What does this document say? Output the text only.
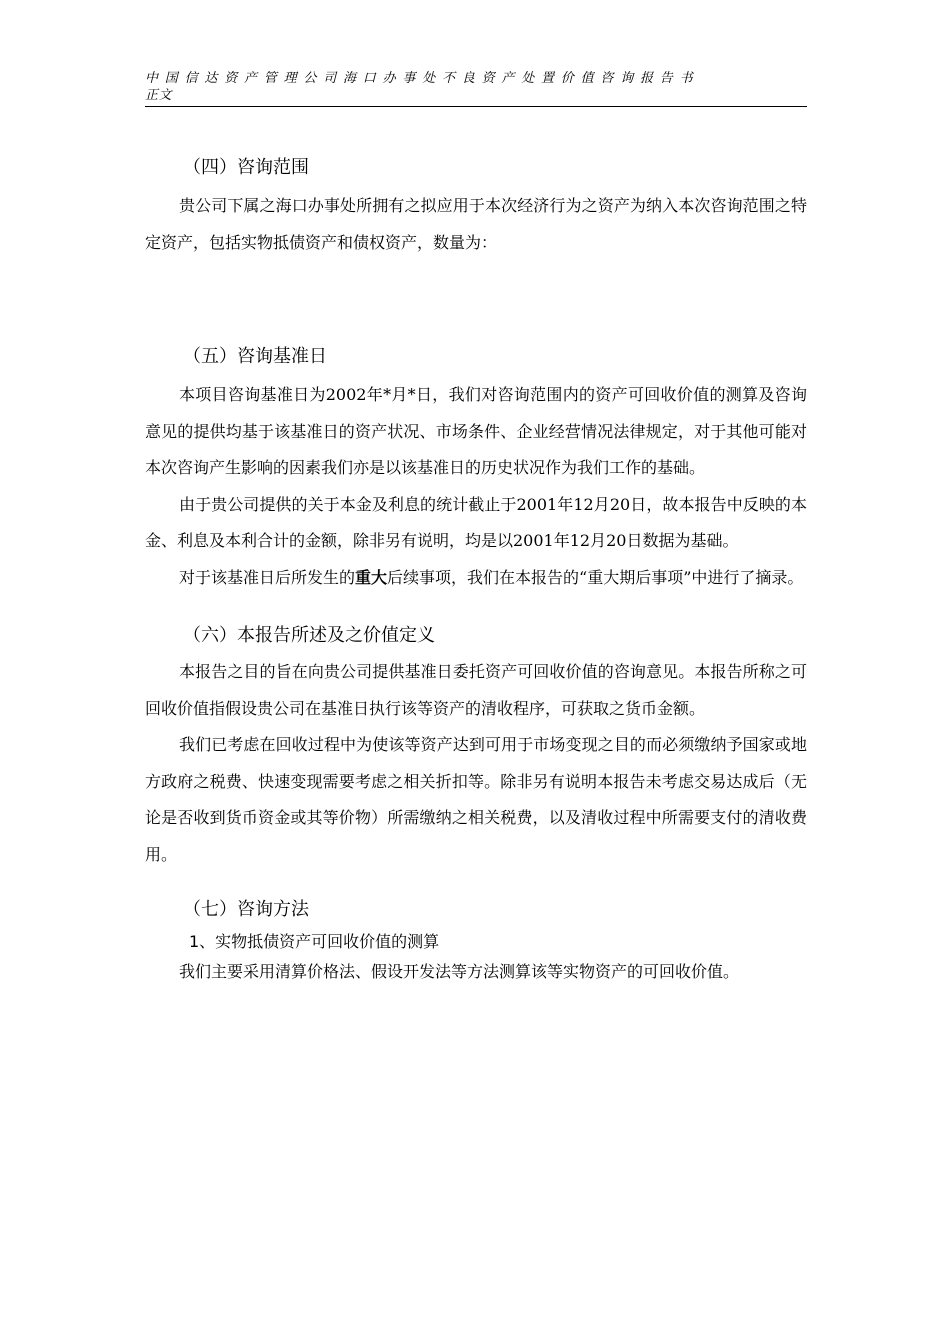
中国信达资产管理公司海口办事处不良资产处置价值咨询报告书
正文
（四）咨询范围

贵公司下属之海口办事处所拥有之拟应用于本次经济行为之资产为纳入本次咨询范围之特定资产，包括实物抵债资产和债权资产，数量为：

（五）咨询基准日

本项目咨询基准日为2002年*月*日，我们对咨询范围内的资产可回收价值的测算及咨询意见的提供均基于该基准日的资产状况、市场条件、企业经营情况法律规定，对于其他可能对本次咨询产生影响的因素我们亦是以该基准日的历史状况作为我们工作的基础。

由于贵公司提供的关于本金及利息的统计截止于2001年12月20日，故本报告中反映的本金、利息及本利合计的金额，除非另有说明，均是以2001年12月20日数据为基础。

对于该基准日后所发生的重大后续事项，我们在本报告的“重大期后事项”中进行了摘录。

（六）本报告所述及之价值定义

本报告之目的旨在向贵公司提供基准日委托资产可回收价值的咨询意见。本报告所称之可回收价值指假设贵公司在基准日执行该等资产的清收程序，可获取之货币金额。

我们已考虑在回收过程中为使该等资产达到可用于市场变现之目的而必须缴纳予国家或地方政府之税费、快速变现需要考虑之相关折扣等。除非另有说明本报告未考虑交易达成后（无论是否收到货币资金或其等价物）所需缴纳之相关税费，以及清收过程中所需要支付的清收费用。

（七）咨询方法
1、实物抵债资产可回收价值的测算

我们主要采用清算价格法、假设开发法等方法测算该等实物资产的可回收价值。
